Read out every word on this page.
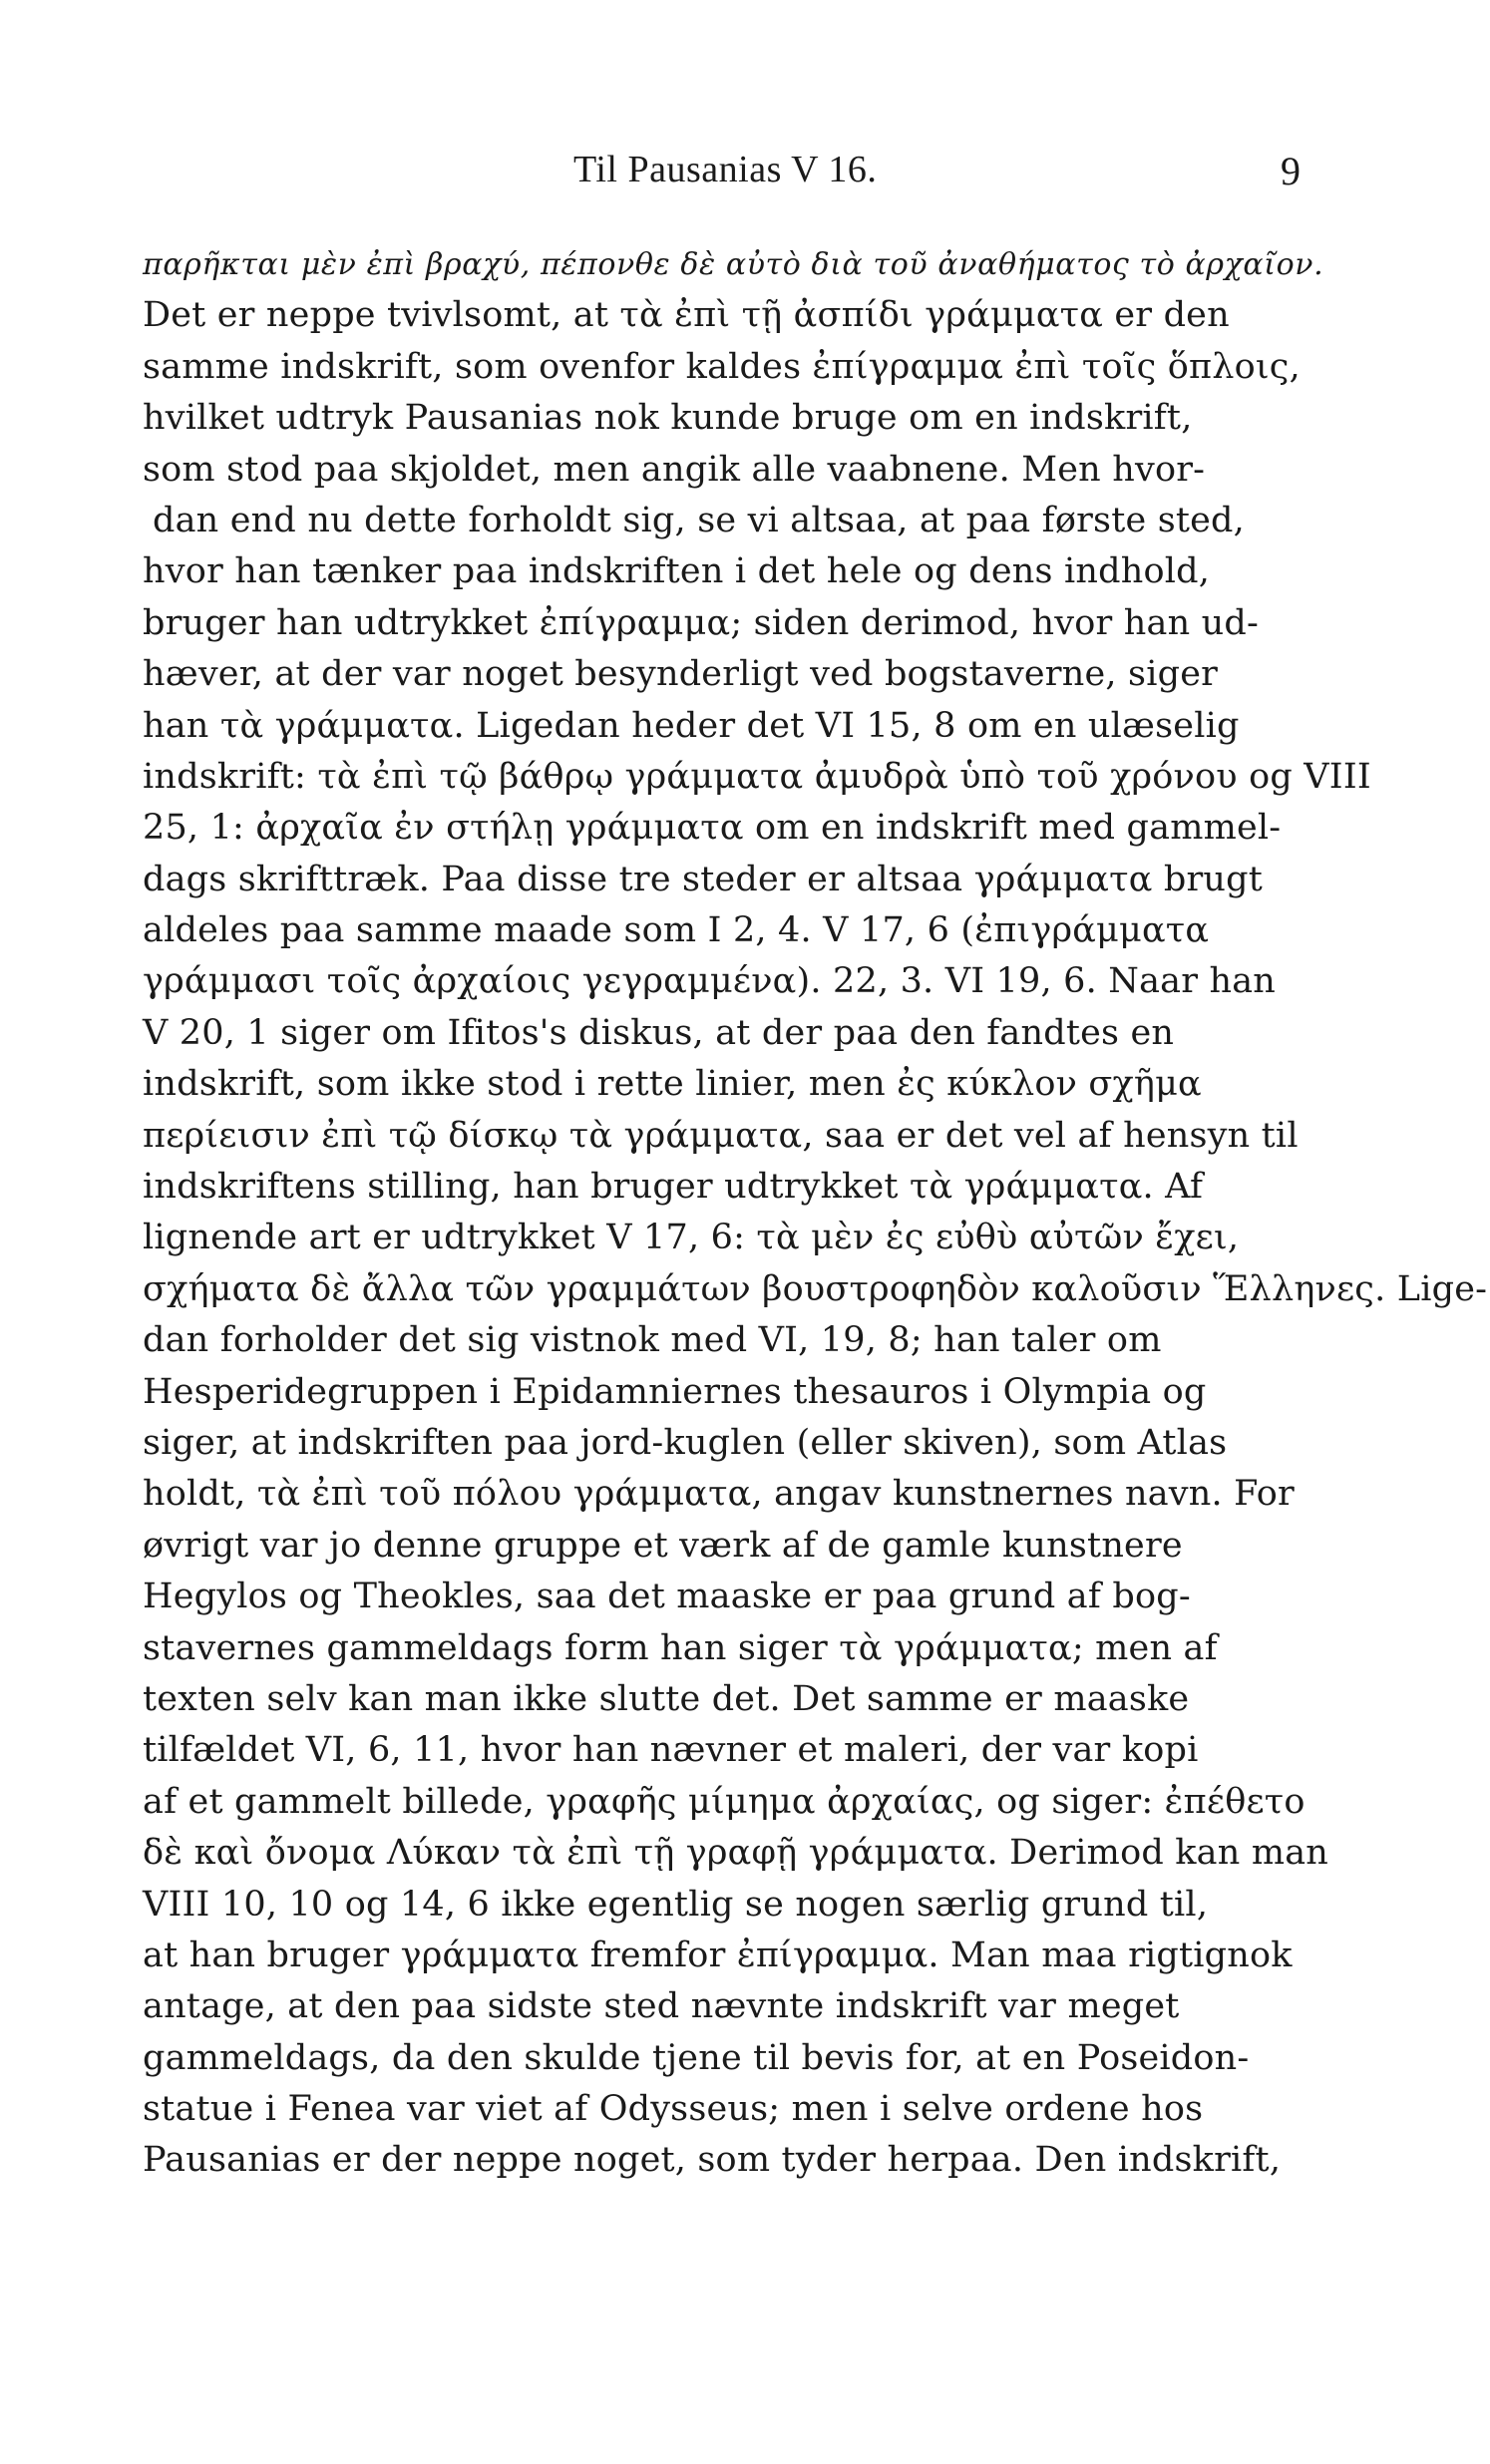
Til Pausanias V 16.	9
παρῆκται μὲν ἐπὶ βραχύ, πέπονθε δὲ αὐτὸ διὰ τοῦ ἀναθήματος τὸ ἀρχαῖον.
Det er neppe tvivlsomt, at τὰ ἐπὶ τῇ ἀσπίδι γράμματα er den
samme indskrift, som ovenfor kaldes ἐπίγραμμα ἐπὶ τοῖς ὅπλοις,
hvilket udtryk Pausanias nok kunde bruge om en indskrift,
som stod paa skjoldet, men angik alle vaabnene. Men hvor-
dan end nu dette forholdt sig, se vi altsaa, at paa første sted,
hvor han tænker paa indskriften i det hele og dens indhold,
bruger han udtrykket ἐπίγραμμα; siden derimod, hvor han ud-
hæver, at der var noget besynderligt ved bogstaverne, siger
han τὰ γράμματα. Ligedan heder det VI 15, 8 om en ulæselig
indskrift: τὰ ἐπὶ τῷ βάθρῳ γράμματα ἀμυδρὰ ὑπὸ τοῦ χρόνου og VIII
25, 1: ἀρχαῖα ἐν στήλῃ γράμματα om en indskrift med gammel-
dags skrifttræk. Paa disse tre steder er altsaa γράμματα brugt
aldeles paa samme maade som I 2, 4. V 17, 6 (ἐπιγράμματα
γράμμασι τοῖς ἀρχαίοις γεγραμμένα). 22, 3. VI 19, 6. Naar han
V 20, 1 siger om Ifitos's diskus, at der paa den fandtes en
indskrift, som ikke stod i rette linier, men ἐς κύκλον σχῆμα
περίεισιν ἐπὶ τῷ δίσκῳ τὰ γράμματα, saa er det vel af hensyn til
indskriftens stilling, han bruger udtrykket τὰ γράμματα. Af
lignende art er udtrykket V 17, 6: τὰ μὲν ἐς εὐθὺ αὐτῶν ἔχει,
σχήματα δὲ ἄλλα τῶν γραμμάτων βουστροφηδὸν καλοῦσιν Ἕλληνες. Lige-
dan forholder det sig vistnok med VI, 19, 8; han taler om
Hesperidegruppen i Epidamniernes thesauros i Olympia og
siger, at indskriften paa jord-kuglen (eller skiven), som Atlas
holdt, τὰ ἐπὶ τοῦ πόλου γράμματα, angav kunstnernes navn. For
øvrigt var jo denne gruppe et værk af de gamle kunstnere
Hegylos og Theokles, saa det maaske er paa grund af bog-
stavernes gammeldags form han siger τὰ γράμματα; men af
texten selv kan man ikke slutte det. Det samme er maaske
tilfældet VI, 6, 11, hvor han nævner et maleri, der var kopi
af et gammelt billede, γραφῆς μίμημα ἀρχαίας, og siger: ἐπέθετο
δὲ καὶ ὄνομα Λύκαν τὰ ἐπὶ τῇ γραφῇ γράμματα. Derimod kan man
VIII 10, 10 og 14, 6 ikke egentlig se nogen særlig grund til,
at han bruger γράμματα fremfor ἐπίγραμμα. Man maa rigtignok
antage, at den paa sidste sted nævnte indskrift var meget
gammeldags, da den skulde tjene til bevis for, at en Poseidon-
statue i Fenea var viet af Odysseus; men i selve ordene hos
Pausanias er der neppe noget, som tyder herpaa. Den indskrift,
